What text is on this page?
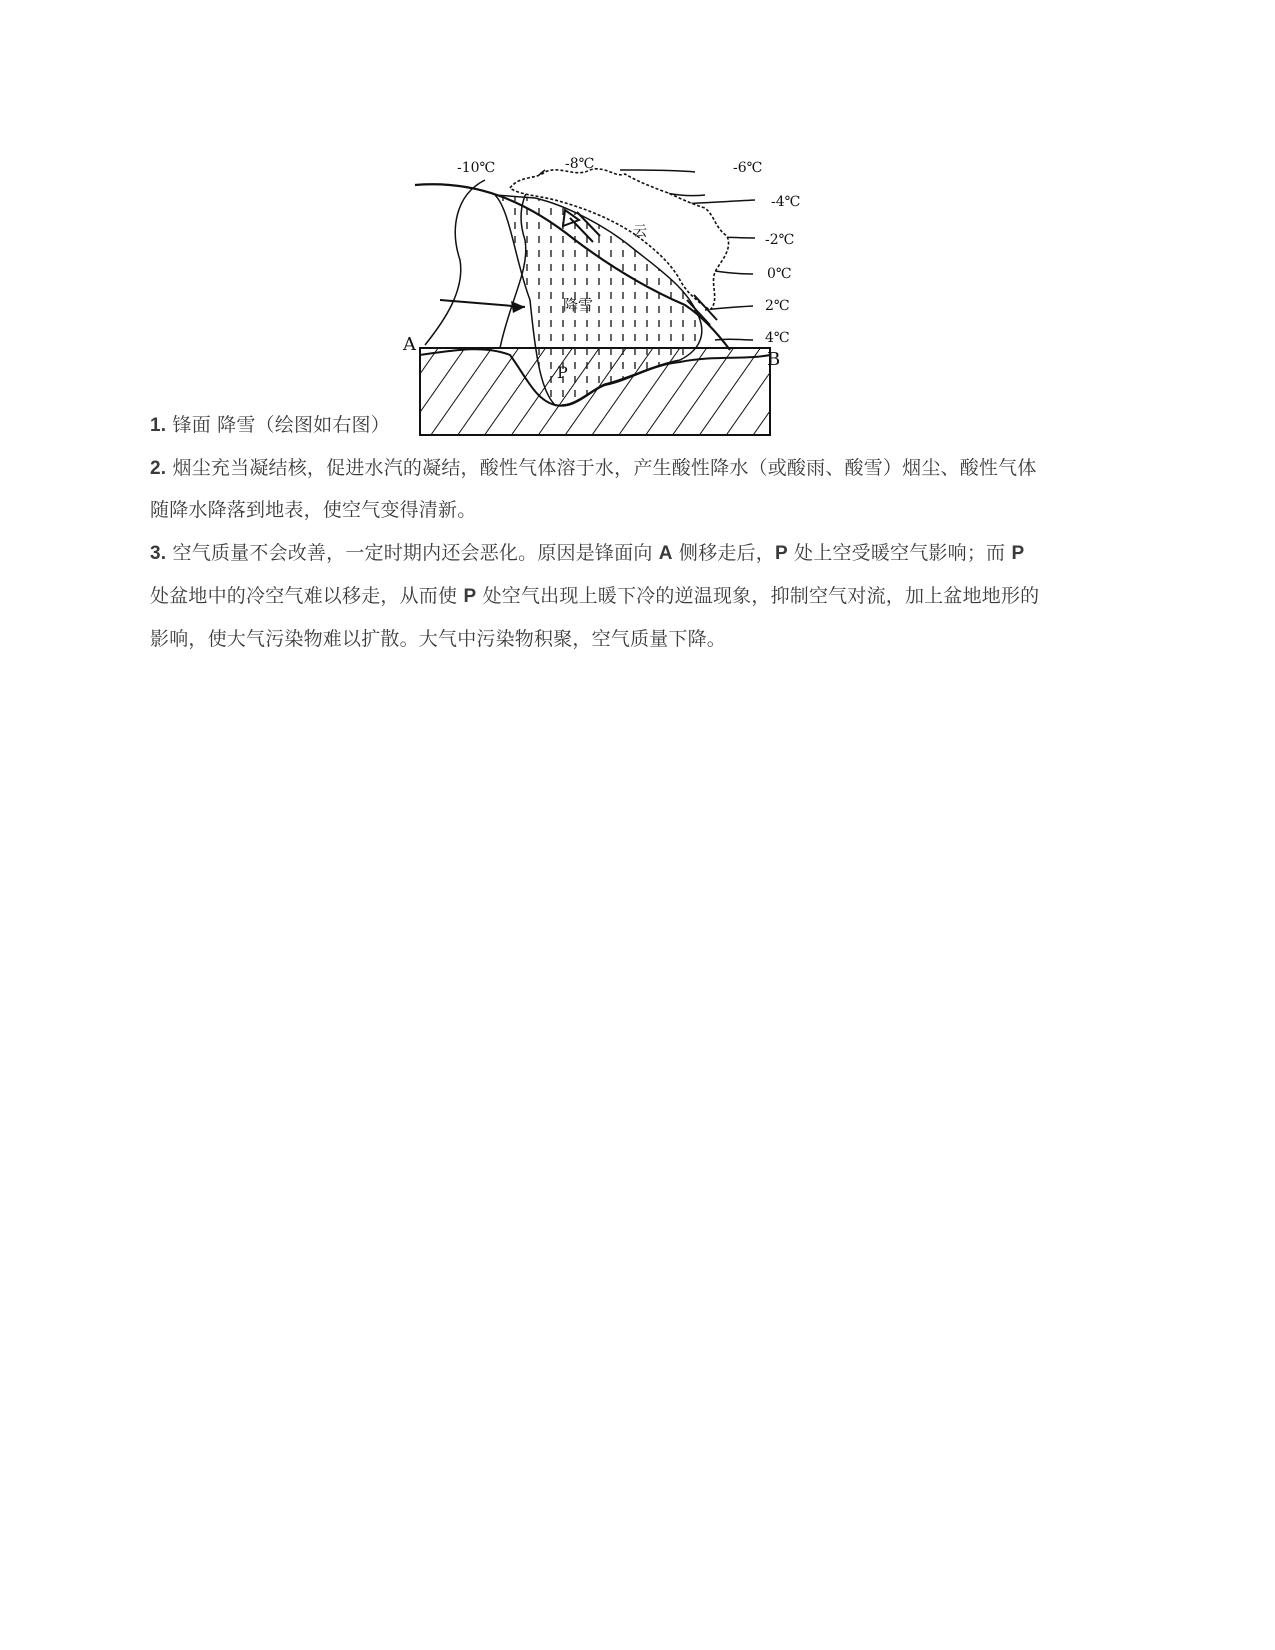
-10℃	-8℃	-6℃
-4℃
-2℃
0℃
2℃
4℃
A
B
P
降雪
云
1. 锋面 降雪（绘图如右图）
2. 烟尘充当凝结核，促进水汽的凝结，酸性气体溶于水，产生酸性降水（或酸雨、酸雪）烟尘、酸性气体
随降水降落到地表，使空气变得清新。
3. 空气质量不会改善，一定时期内还会恶化。原因是锋面向 A 侧移走后，P 处上空受暖空气影响；而 P
处盆地中的冷空气难以移走，从而使 P 处空气出现上暖下冷的逆温现象，抑制空气对流，加上盆地地形的
影响，使大气污染物难以扩散。大气中污染物积聚，空气质量下降。
